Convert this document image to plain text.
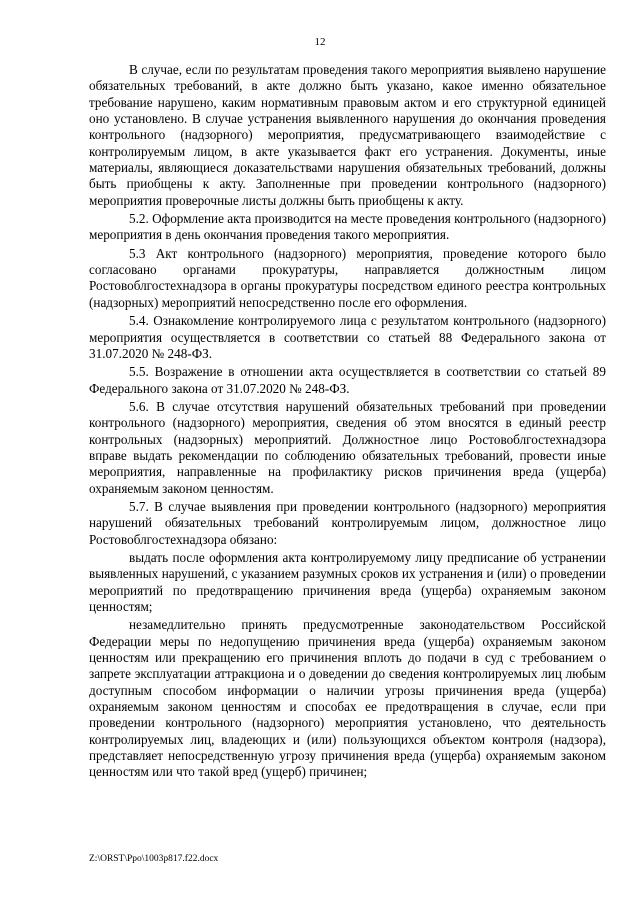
12

В случае, если по результатам проведения такого мероприятия выявлено нарушение обязательных требований, в акте должно быть указано, какое именно обязательное требование нарушено, каким нормативным правовым актом и его структурной единицей оно установлено. В случае устранения выявленного нарушения до окончания проведения контрольного (надзорного) мероприятия, предусматривающего взаимодействие с контролируемым лицом, в акте указывается факт его устранения. Документы, иные материалы, являющиеся доказательствами нарушения обязательных требований, должны быть приобщены к акту. Заполненные при проведении контрольного (надзорного) мероприятия проверочные листы должны быть приобщены к акту.

5.2. Оформление акта производится на месте проведения контрольного (надзорного) мероприятия в день окончания проведения такого мероприятия.

5.3 Акт контрольного (надзорного) мероприятия, проведение которого было согласовано органами прокуратуры, направляется должностным лицом Ростовоблгостехнадзора в органы прокуратуры посредством единого реестра контрольных (надзорных) мероприятий непосредственно после его оформления.

5.4. Ознакомление контролируемого лица с результатом контрольного (надзорного) мероприятия осуществляется в соответствии со статьей 88 Федерального закона от 31.07.2020 № 248-ФЗ.

5.5. Возражение в отношении акта осуществляется в соответствии со статьей 89 Федерального закона от 31.07.2020 № 248-ФЗ.

5.6. В случае отсутствия нарушений обязательных требований при проведении контрольного (надзорного) мероприятия, сведения об этом вносятся в единый реестр контрольных (надзорных) мероприятий. Должностное лицо Ростовоблгостехнадзора вправе выдать рекомендации по соблюдению обязательных требований, провести иные мероприятия, направленные на профилактику рисков причинения вреда (ущерба) охраняемым законом ценностям.

5.7. В случае выявления при проведении контрольного (надзорного) мероприятия нарушений обязательных требований контролируемым лицом, должностное лицо Ростовоблгостехнадзора обязано:

выдать после оформления акта контролируемому лицу предписание об устранении выявленных нарушений, с указанием разумных сроков их устранения и (или) о проведении мероприятий по предотвращению причинения вреда (ущерба) охраняемым законом ценностям;

незамедлительно принять предусмотренные законодательством Российской Федерации меры по недопущению причинения вреда (ущерба) охраняемым законом ценностям или прекращению его причинения вплоть до подачи в суд с требованием о запрете эксплуатации аттракциона и о доведении до сведения контролируемых лиц любым доступным способом информации о наличии угрозы причинения вреда (ущерба) охраняемым законом ценностям и способах ее предотвращения в случае, если при проведении контрольного (надзорного) мероприятия установлено, что деятельность контролируемых лиц, владеющих и (или) пользующихся объектом контроля (надзора), представляет непосредственную угрозу причинения вреда (ущерба) охраняемым законом ценностям или что такой вред (ущерб) причинен;

Z:\ORST\Ppo\1003p817.f22.docx
